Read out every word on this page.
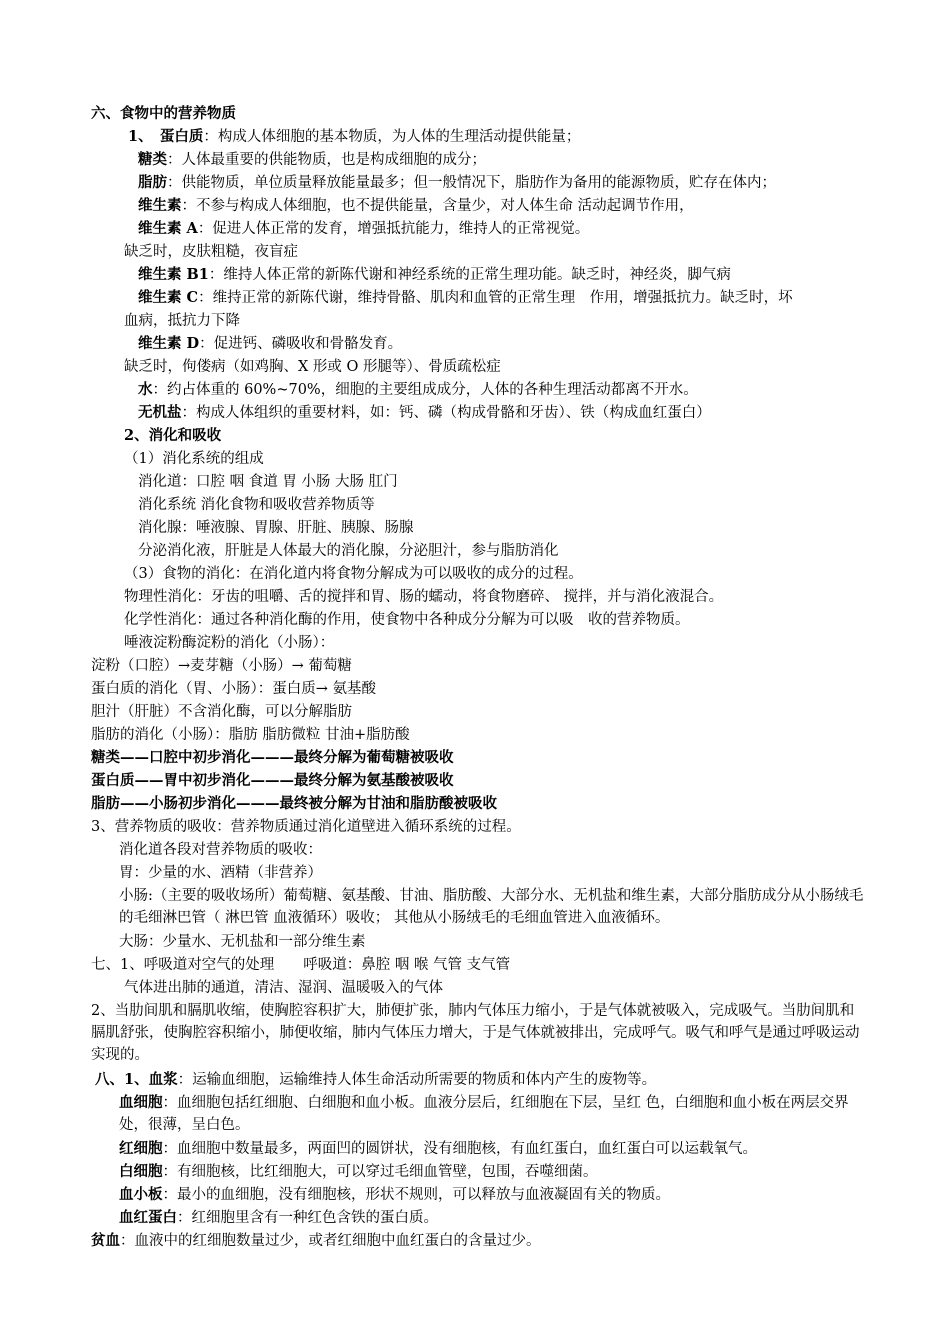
六、食物中的营养物质
1、　蛋白质：构成人体细胞的基本物质，为人体的生理活动提供能量；
糖类：人体最重要的供能物质，也是构成细胞的成分；
脂肪：供能物质，单位质量释放能量最多；但一般情况下，脂肪作为备用的能源物质，贮存在体内；
维生素：不参与构成人体细胞，也不提供能量，含量少，对人体生命 活动起调节作用，
维生素 A：促进人体正常的发育，增强抵抗能力，维持人的正常视觉。
缺乏时，皮肤粗糙，夜盲症
维生素 B1：维持人体正常的新陈代谢和神经系统的正常生理功能。缺乏时，神经炎，脚气病
维生素 C：维持正常的新陈代谢，维持骨骼、肌肉和血管的正常生理　作用，增强抵抗力。缺乏时，坏
血病，抵抗力下降
维生素 D：促进钙、磷吸收和骨骼发育。
缺乏时，佝偻病（如鸡胸、X 形或 O 形腿等）、骨质疏松症
水：约占体重的 60%~70%，细胞的主要组成成分，人体的各种生理活动都离不开水。
无机盐：构成人体组织的重要材料，如：钙、磷（构成骨骼和牙齿）、铁（构成血红蛋白）
2、消化和吸收
（1）消化系统的组成
消化道：口腔 咽 食道 胃 小肠 大肠 肛门
消化系统 消化食物和吸收营养物质等
消化腺：唾液腺、胃腺、肝脏、胰腺、肠腺
分泌消化液，肝脏是人体最大的消化腺，分泌胆汁，参与脂肪消化
（3）食物的消化：在消化道内将食物分解成为可以吸收的成分的过程。
物理性消化：牙齿的咀嚼、舌的搅拌和胃、肠的蠕动，将食物磨碎、 搅拌，并与消化液混合。
化学性消化：通过各种消化酶的作用，使食物中各种成分分解为可以吸　收的营养物质。
唾液淀粉酶淀粉的消化（小肠）：
淀粉（口腔）→麦芽糖（小肠）→ 葡萄糖
蛋白质的消化（胃、小肠）：蛋白质→ 氨基酸
胆汁（肝脏）不含消化酶，可以分解脂肪
脂肪的消化（小肠）：脂肪 脂肪微粒 甘油+脂肪酸
糖类——口腔中初步消化———最终分解为葡萄糖被吸收
蛋白质——胃中初步消化———最终分解为氨基酸被吸收
脂肪——小肠初步消化———最终被分解为甘油和脂肪酸被吸收
3、营养物质的吸收：营养物质通过消化道壁进入循环系统的过程。
消化道各段对营养物质的吸收：
胃：少量的水、酒精（非营养）
小肠:（主要的吸收场所）葡萄糖、氨基酸、甘油、脂肪酸、大部分水、无机盐和维生素，大部分脂肪成分从小肠绒毛的毛细淋巴管（ 淋巴管 血液循环）吸收； 其他从小肠绒毛的毛细血管进入血液循环。
大肠：少量水、无机盐和一部分维生素
七、1、呼吸道对空气的处理　　呼吸道：鼻腔 咽 喉 气管 支气管
气体进出肺的通道，清洁、湿润、温暖吸入的气体
2、当肋间肌和膈肌收缩，使胸腔容积扩大，肺便扩张，肺内气体压力缩小，于是气体就被吸入，完成吸气。当肋间肌和膈肌舒张，使胸腔容积缩小，肺便收缩，肺内气体压力增大，于是气体就被排出，完成呼气。吸气和呼气是通过呼吸运动实现的。
八、1、血浆：运输血细胞，运输维持人体生命活动所需要的物质和体内产生的废物等。
血细胞：血细胞包括红细胞、白细胞和血小板。血液分层后，红细胞在下层，呈红 色，白细胞和血小板在两层交界处，很薄，呈白色。
红细胞：血细胞中数量最多，两面凹的圆饼状，没有细胞核，有血红蛋白，血红蛋白可以运载氧气。
白细胞：有细胞核，比红细胞大，可以穿过毛细血管壁，包围，吞噬细菌。
血小板：最小的血细胞，没有细胞核，形状不规则，可以释放与血液凝固有关的物质。
血红蛋白：红细胞里含有一种红色含铁的蛋白质。
贫血：血液中的红细胞数量过少，或者红细胞中血红蛋白的含量过少。
